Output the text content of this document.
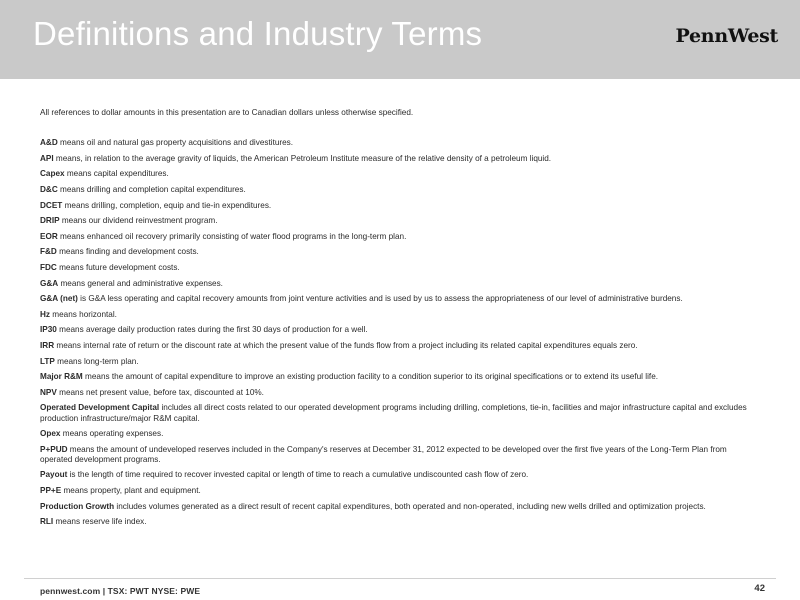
Definitions and Industry Terms	PennWest

All references to dollar amounts in this presentation are to Canadian dollars unless otherwise specified.

A&D means oil and natural gas property acquisitions and divestitures.

API means, in relation to the average gravity of liquids, the American Petroleum Institute measure of the relative density of a petroleum liquid.

Capex means capital expenditures.

D&C means drilling and completion capital expenditures.

DCET means drilling, completion, equip and tie-in expenditures.

DRIP means our dividend reinvestment program.

EOR means enhanced oil recovery primarily consisting of water flood programs in the long-term plan.

F&D means finding and development costs.

FDC means future development costs.

G&A means general and administrative expenses.

G&A (net) is G&A less operating and capital recovery amounts from joint venture activities and is used by us to assess the appropriateness of our level of administrative burdens.

Hz means horizontal.

IP30 means average daily production rates during the first 30 days of production for a well.

IRR means internal rate of return or the discount rate at which the present value of the funds flow from a project including its related capital expenditures equals zero.

LTP means long-term plan.

Major R&M means the amount of capital expenditure to improve an existing production facility to a condition superior to its original specifications or to extend its useful life.

NPV means net present value, before tax, discounted at 10%.

Operated Development Capital includes all direct costs related to our operated development programs including drilling, completions, tie-in, facilities and major infrastructure capital and excludes production infrastructure/major R&M capital.

Opex means operating expenses.

P+PUD means the amount of undeveloped reserves included in the Company's reserves at December 31, 2012 expected to be developed over the first five years of the Long-Term Plan from operated development programs.

Payout is the length of time required to recover invested capital or length of time to reach a cumulative undiscounted cash flow of zero.

PP+E means property, plant and equipment.

Production Growth includes volumes generated as a direct result of recent capital expenditures, both operated and non-operated, including new wells drilled and optimization projects.

RLI means reserve life index.

pennwest.com | TSX: PWT NYSE: PWE	42
